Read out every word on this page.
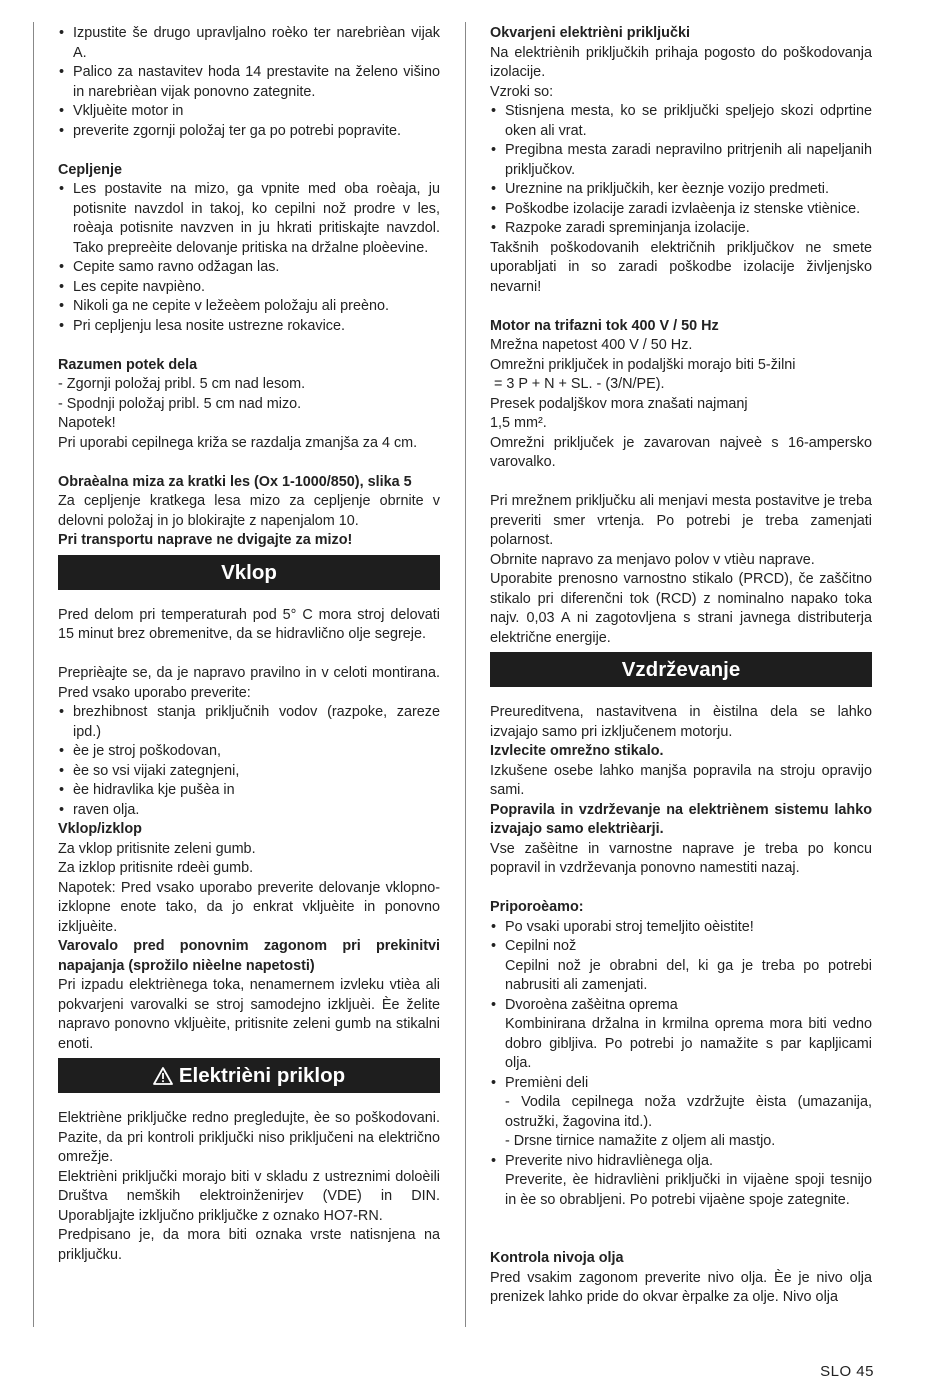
• Izpustite še drugo upravljalno roèko ter narebrièan vijak A.
• Palico za nastavitev hoda 14 prestavite na želeno višino in narebrièan vijak ponovno zategnite.
• Vkljuèite motor in
• preverite zgornji položaj ter ga po potrebi popravite.

Cepljenje

• Les postavite na mizo, ga vpnite med oba roèaja, ju potisnite navzdol in takoj, ko cepilni nož prodre v les, roèaja potisnite navzven in ju hkrati pritiskajte navzdol. Tako prepreèite delovanje pritiska na držalne ploèevine.
• Cepite samo ravno odžagan las.
• Les cepite navpièno.
• Nikoli ga ne cepite v ležeèem položaju ali preèno.
• Pri cepljenju lesa nosite ustrezne rokavice.

Razumen potek dela

- Zgornji položaj pribl. 5 cm nad lesom.

- Spodnji položaj pribl. 5 cm nad mizo.

Napotek!

Pri uporabi cepilnega križa se razdalja zmanjša za 4 cm.

Obraèalna miza za kratki les (Ox 1-1000/850), slika 5

Za cepljenje kratkega lesa mizo za cepljenje obrnite v delovni položaj in jo blokirajte z napenjalom 10.

Pri transportu naprave ne dvigajte za mizo!

Vklop

Pred delom pri temperaturah pod 5° C mora stroj delovati 15 minut brez obremenitve, da se hidravlično olje segreje.

Preprièajte se, da je napravo pravilno in v celoti montirana. Pred vsako uporabo preverite:

• brezhibnost stanja priključnih vodov (razpoke, zareze ipd.)
• èe je stroj poškodovan,
• èe so vsi vijaki zategnjeni,
• èe hidravlika kje pušèa in
• raven olja.

Vklop/izklop

Za vklop pritisnite zeleni gumb.

Za izklop pritisnite rdeèi gumb.

Napotek: Pred vsako uporabo preverite delovanje vklopno-izklopne enote tako, da jo enkrat vkljuèite in ponovno izkljuèite.

Varovalo pred ponovnim zagonom pri prekinitvi napajanja (sprožilo nièelne napetosti)

Pri izpadu elektriènega toka, nenamernem izvleku vtièa ali pokvarjeni varovalki se stroj samodejno izkljuèi. Èe želite napravo ponovno vkljuèite, pritisnite zeleni gumb na stikalni enoti.

Elektrièni priklop

Elektriène priključke redno pregledujte, èe so poškodovani. Pazite, da pri kontroli priključki niso priključeni na električno omrežje.

Elektrièni priključki morajo biti v skladu z ustreznimi doloèili Društva nemških elektroinženirjev (VDE) in DIN. Uporabljajte izključno priključke z oznako HO7-RN.

Predpisano je, da mora biti oznaka vrste natisnjena na priključku.

Okvarjeni elektrièni priključki

Na elektriènih priključkih prihaja pogosto do poškodovanja izolacije.

Vzroki so:

• Stisnjena mesta, ko se priključki speljejo skozi odprtine oken ali vrat.
• Pregibna mesta zaradi nepravilno pritrjenih ali napeljanih priključkov.
• Ureznine na priključkih, ker èeznje vozijo predmeti.
• Poškodbe izolacije zaradi izvlaèenja iz stenske vtiènice.
• Razpoke zaradi spreminjanja izolacije.

Takšnih poškodovanih električnih priključkov ne smete uporabljati in so zaradi poškodbe izolacije življenjsko nevarni!

Motor na trifazni tok 400 V / 50 Hz

Mrežna napetost 400 V / 50 Hz.

Omrežni priključek in podaljški morajo biti 5-žilni

= 3 P + N + SL. - (3/N/PE).

Presek podaljškov mora znašati najmanj

1,5 mm².

Omrežni priključek je zavarovan najveè s 16-ampersko varovalko.

Pri mrežnem priključku ali menjavi mesta postavitve je treba preveriti smer vrtenja. Po potrebi je treba zamenjati polarnost.

Obrnite napravo za menjavo polov v vtièu naprave.

Uporabite prenosno varnostno stikalo (PRCD), če zaščitno stikalo pri diferenčni tok (RCD) z nominalno napako toka najv. 0,03 A ni zagotovljena s strani javnega distributerja električne energije.

Vzdrževanje

Preureditvena, nastavitvena in èistilna dela se lahko izvajajo samo pri izključenem motorju.

Izvlecite omrežno stikalo.

Izkušene osebe lahko manjša popravila na stroju opravijo sami.

Popravila in vzdrževanje na elektriènem sistemu lahko izvajajo samo elektrièarji.

Vse zašèitne in varnostne naprave je treba po koncu popravil in vzdrževanja ponovno namestiti nazaj.

Priporoèamo:

• Po vsaki uporabi stroj temeljito oèistite!
• Cepilni nož
Cepilni nož je obrabni del, ki ga je treba po potrebi nabrusiti ali zamenjati.
• Dvoroèna zašèitna oprema
Kombinirana držalna in krmilna oprema mora biti vedno dobro gibljiva. Po potrebi jo namažite s par kapljicami olja.
• Premièni deli
- Vodila cepilnega noža vzdržujte èista (umazanija, ostružki, žagovina itd.).
- Drsne tirnice namažite z oljem ali mastjo.
• Preverite nivo hidravliènega olja.
Preverite, èe hidravlièni priključki in vijaène spoji tesnijo in èe so obrabljeni. Po potrebi vijaène spoje zategnite.

Kontrola nivoja olja

Pred vsakim zagonom preverite nivo olja. Èe je nivo olja prenizek lahko pride do okvar èrpalke za olje. Nivo olja

SLO 45
